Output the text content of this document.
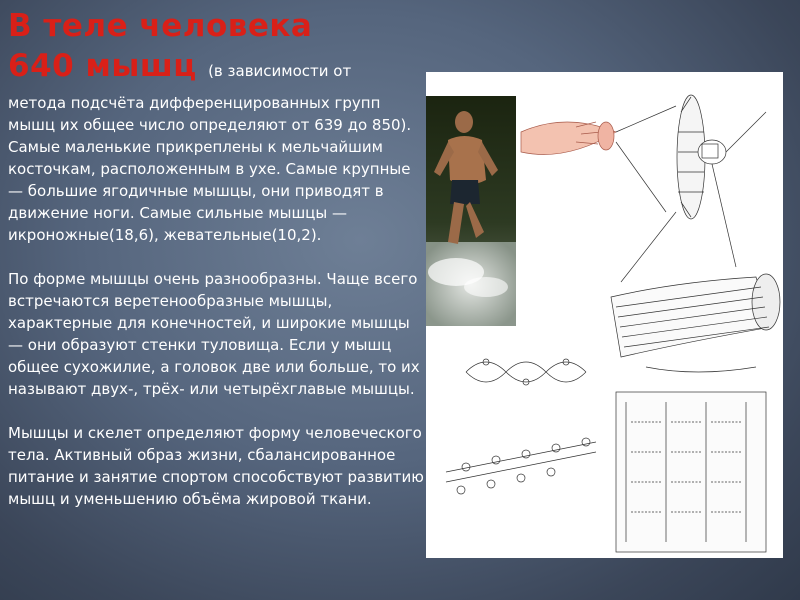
В теле человека
640 мышц (в зависимости от

метода подсчёта дифференцированных групп мышц их общее число определяют от 639 до 850). Самые маленькие прикреплены к мельчайшим косточкам, расположенным в ухе. Самые крупные — большие ягодичные мышцы, они приводят в движение ноги. Самые сильные мышцы — икроножные(18,6), жевательные(10,2).

По форме мышцы очень разнообразны. Чаще всего встречаются веретенообразные мышцы, характерные для конечностей, и широкие мышцы — они образуют стенки туловища. Если у мышц общее сухожилие, а головок две или больше, то их называют двух-, трёх- или четырёхглавые мышцы.

Мышцы и скелет определяют форму человеческого тела. Активный образ жизни, сбалансированное питание и занятие спортом способствуют развитию мышц и уменьшению объёма жировой ткани.
